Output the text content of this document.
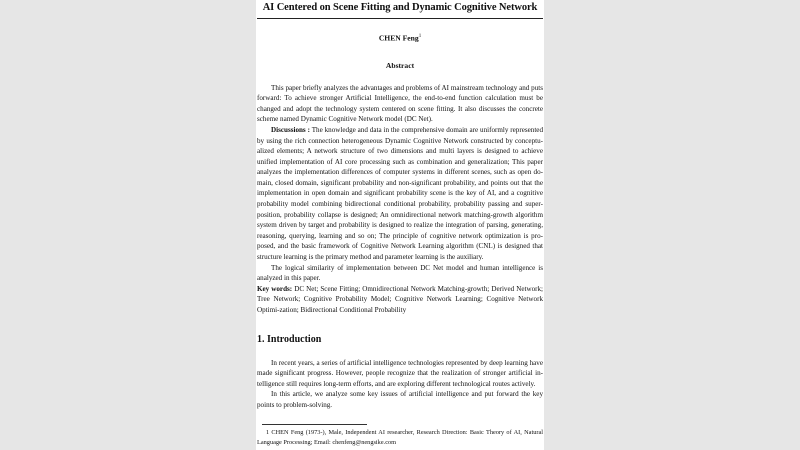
AI Centered on Scene Fitting and Dynamic Cognitive Network
CHEN Feng$^1$
Abstract

This paper briefly analyzes the advantages and problems of AI mainstream technology and puts forward: To achieve stronger Artificial Intelligence, the end-to-end function calculation must be changed and adopt the technology system centered on scene fitting. It also discusses the concrete scheme named Dynamic Cognitive Network model (DC Net).

Discussions : The knowledge and data in the comprehensive domain are uniformly represented by using the rich connection heterogeneous Dynamic Cognitive Network constructed by conceptu-alized elements; A network structure of two dimensions and multi layers is designed to achieve unified implementation of AI core processing such as combination and generalization; This paper analyzes the implementation differences of computer systems in different scenes, such as open do-main, closed domain, significant probability and non-significant probability, and points out that the implementation in open domain and significant probability scene is the key of AI, and a cognitive probability model combining bidirectional conditional probability, probability passing and super-position, probability collapse is designed; An omnidirectional network matching-growth algorithm system driven by target and probability is designed to realize the integration of parsing, generating, reasoning, querying, learning and so on; The principle of cognitive network optimization is pro-posed, and the basic framework of Cognitive Network Learning algorithm (CNL) is designed that structure learning is the primary method and parameter learning is the auxiliary.

The logical similarity of implementation between DC Net model and human intelligence is analyzed in this paper.

Key words: DC Net; Scene Fitting; Omnidirectional Network Matching-growth; Derived Network; Tree Network; Cognitive Probability Model; Cognitive Network Learning; Cognitive Network Optimi-zation; Bidirectional Conditional Probability

1. Introduction

In recent years, a series of artificial intelligence technologies represented by deep learning have made significant progress. However, people recognize that the realization of stronger artificial in-telligence still requires long-term efforts, and are exploring different technological routes actively.

In this article, we analyze some key issues of artificial intelligence and put forward the key points to problem-solving.

1 CHEN Feng (1973-), Male, Independent AI researcher, Research Direction: Basic Theory of AI, Natural Language Processing; Email: chenfeng@nengsike.com
